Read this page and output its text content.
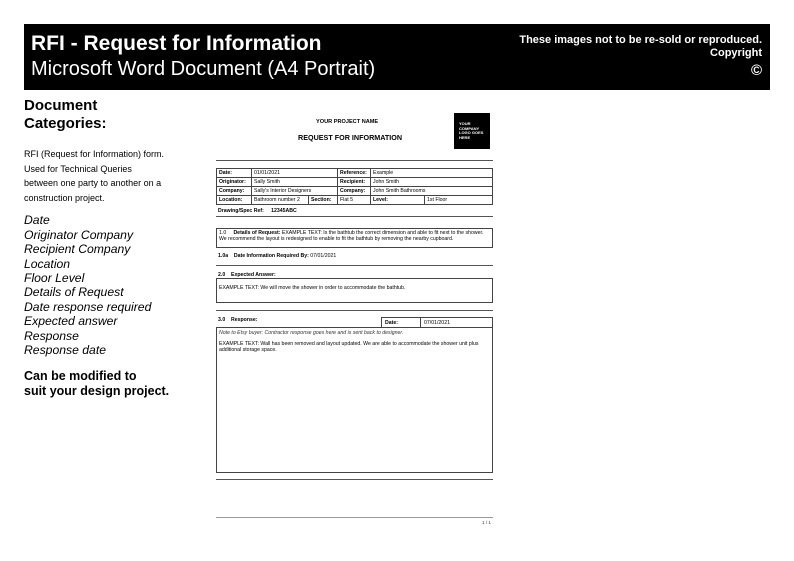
RFI - Request for Information
Microsoft Word Document (A4 Portrait)
These images not to be re-sold or reproduced.
Copyright
©
Document
Categories:
RFI (Request for Information) form.
Used for Technical Queries
between one party to another on a
construction project.
Date
Originator Company
Recipient Company
Location
Floor Level
Details of Request
Date response required
Expected answer
Response
Response date
Can be modified to
suit your design project.
YOUR PROJECT NAME
REQUEST FOR INFORMATION
YOUR COMPANY LOGO GOES HERE
Date:	01/01/2021		Reference:	Example	
Originator:	Sally Smith		Recipient:	John Smith	
Company:	Sally's Interior Designers		Company:	John Smith Bathrooms	
Location:	Bathroom number 2	Section:	Flat 5	Level:	1st Floor
Drawing/Spec Ref: 12345ABC
1.0 Details of Request: EXAMPLE TEXT: Is the bathtub the correct dimension and able to fit next to the shower. We recommend the layout is redesigned to enable to fit the bathtub by removing the nearby cupboard.
1.0a Date Information Required By: 07/01/2021
2.0 Expected Answer:
EXAMPLE TEXT: We will move the shower in order to accommodate the bathtub.
3.0 Response:	Date:	07/01/2021
Note to Etsy buyer: Contractor response goes here and is sent back to designer.
EXAMPLE TEXT: Wall has been removed and layout updated. We are able to accommodate the shower unit plus additional storage space.
1 / 1
